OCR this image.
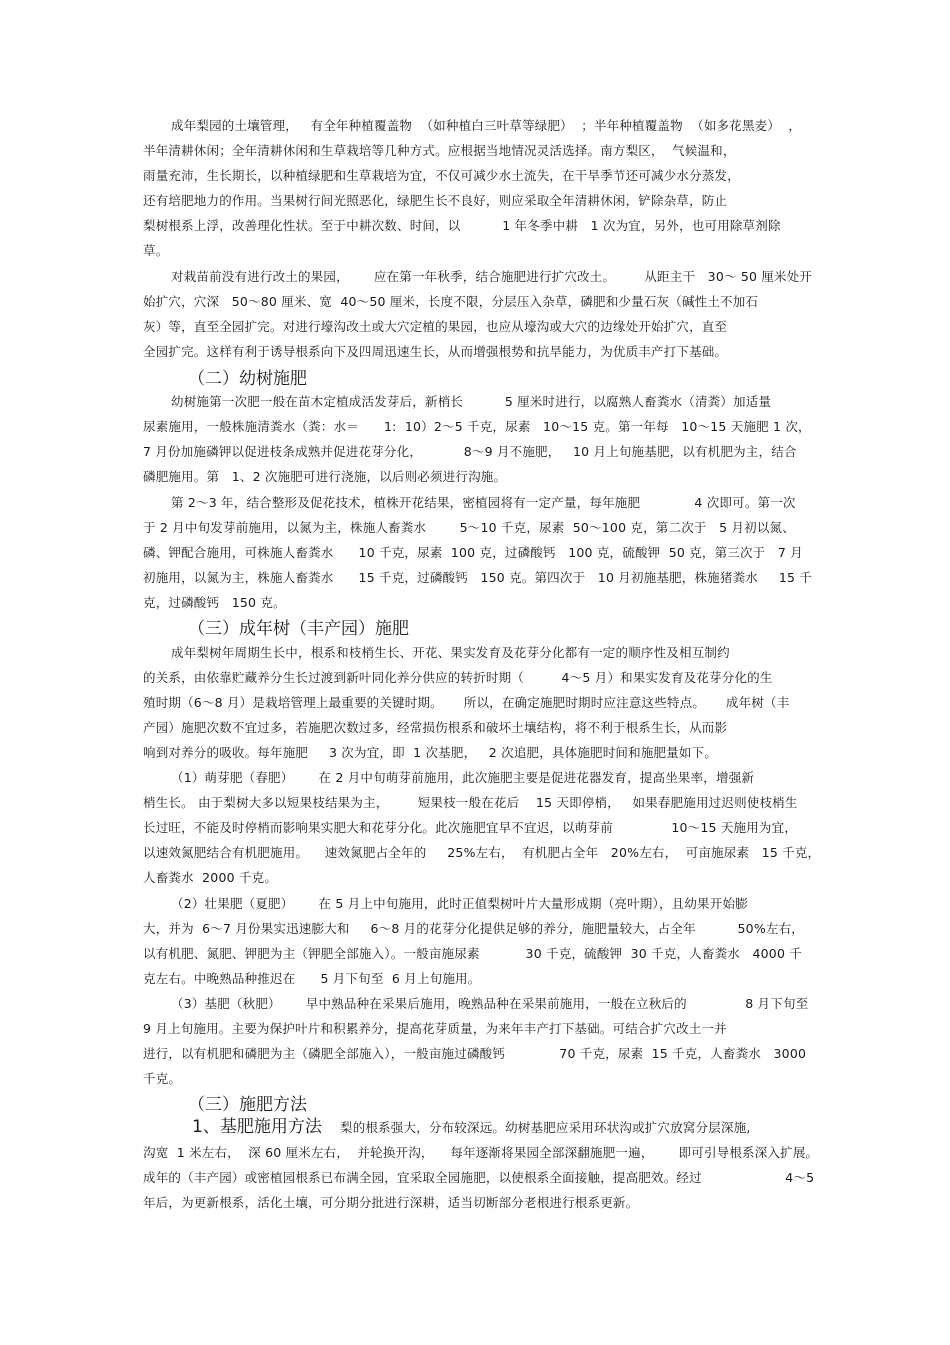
成年梨园的土壤管理，   有全年种植覆盖物  （如种植白三叶草等绿肥）  ；半年种植覆盖物  （如多花黑麦）  ，
半年清耕休闲；全年清耕休闲和生草栽培等几种方式。应根据当地情况灵活选择。南方梨区，  气候温和，
雨量充沛，生长期长，以种植绿肥和生草栽培为宜，不仅可减少水土流失，在干旱季节还可减少水分蒸发，
还有培肥地力的作用。当果树行间光照恶化，绿肥生长不良好，则应采取全年清耕休闲，铲除杂草，防止
梨树根系上浮，改善理化性状。至于中耕次数、时间，以          1 年冬季中耕   1 次为宜，另外，也可用除草剂除
草。
对栽苗前没有进行改土的果园，      应在第一年秋季，结合施肥进行扩穴改土。       从距主干   30～ 50 厘米处开
始扩穴，穴深   50～80 厘米、宽  40～50 厘米，长度不限，分层压入杂草，磷肥和少量石灰（碱性土不加石
灰）等，直至全园扩完。对进行壕沟改土或大穴定植的果园，也应从壕沟或大穴的边缘处开始扩穴，直至
全园扩完。这样有利于诱导根系向下及四周迅速生长，从而增强根势和抗旱能力，为优质丰产打下基础。
（二）幼树施肥
幼树施第一次肥一般在苗木定植成活发芽后，新梢长          5 厘米时进行，以腐熟人畜粪水（清粪）加适量
尿素施用，一般株施清粪水（粪：水＝      1:  10）2～5 千克，尿素   10～15 克。第一年每   10～15 天施肥 1 次，
7 月份加施磷钾以促进枝条成熟并促进花芽分化，          8～9 月不施肥，   10 月上旬施基肥，以有机肥为主，结合
磷肥施用。第   1、2 次施肥可进行浇施，以后则必须进行沟施。
第 2～3 年，结合整形及促花技术，植株开花结果，密植园将有一定产量，每年施肥             4 次即可。第一次
于 2 月中旬发芽前施用，以氮为主，株施人畜粪水        5～10 千克，尿素  50～100 克，第二次于   5 月初以氮、
磷、钾配合施用，可株施人畜粪水      10 千克，尿素  100 克，过磷酸钙   100 克，硫酸钾  50 克，第三次于   7 月
初施用，以氮为主，株施人畜粪水      15 千克，过磷酸钙   150 克。第四次于   10 月初施基肥，株施猪粪水     15 千
克，过磷酸钙   150 克。
（三）成年树（丰产园）施肥
成年梨树年周期生长中，根系和枝梢生长、开花、果实发育及花芽分化都有一定的顺序性及相互制约
的关系，由依靠贮藏养分生长过渡到新叶同化养分供应的转折时期（         4～5 月）和果实发育及花芽分化的生
殖时期（6～8 月）是栽培管理上最重要的关键时期。     所以，在确定施肥时期时应注意这些特点。     成年树（丰
产园）施肥次数不宜过多，若施肥次数过多，经常损伤根系和破坏土壤结构，将不利于根系生长，从而影
响到对养分的吸收。每年施肥     3 次为宜，即  1 次基肥，   2 次追肥，具体施肥时间和施肥量如下。
（1）萌芽肥（春肥）      在 2 月中旬萌芽前施用，此次施肥主要是促进花器发育，提高坐果率，增强新
梢生长。 由于梨树大多以短果枝结果为主，       短果枝一般在花后    15 天即停梢，   如果春肥施用过迟则使枝梢生
长过旺，不能及时停梢而影响果实肥大和花芽分化。此次施肥宜早不宜迟，以萌芽前              10～15 天施用为宜，
以速效氮肥结合有机肥施用。    速效氮肥占全年的     25%左右，  有机肥占全年   20%左右，  可亩施尿素   15 千克，
人畜粪水  2000 千克。
（2）壮果肥（夏肥）      在 5 月上中旬施用，此时正值梨树叶片大量形成期（亮叶期），且幼果开始膨
大，并为  6～7 月份果实迅速膨大和     6～8 月的花芽分化提供足够的养分，施肥量较大，占全年          50%左右，
以有机肥、氮肥、钾肥为主（钾肥全部施入）。一般亩施尿素           30 千克，硫酸钾  30 千克，人畜粪水   4000 千
克左右。中晚熟品种推迟在      5 月下旬至  6 月上旬施用。
（3）基肥（秋肥）      早中熟品种在采果后施用，晚熟品种在采果前施用，一般在立秋后的              8 月下旬至
9 月上旬施用。主要为保护叶片和积累养分，提高花芽质量，为来年丰产打下基础。可结合扩穴改土一并
进行，以有机肥和磷肥为主（磷肥全部施入），一般亩施过磷酸钙             70 千克，尿素  15 千克，人畜粪水   3000
千克。
（三）施肥方法
1、基肥施用方法	梨的根系强大，分布较深远。幼树基肥应采用环状沟或扩穴放窝分层深施,
沟宽  1 米左右，  深 60 厘米左右，  并轮换开沟，    每年逐渐将果园全部深翻施肥一遍，      即可引导根系深入扩展。
成年的（丰产园）或密植园根系已布满全园，宜采取全园施肥，以使根系全面接触，提高肥效。经过                    4～5
年后，为更新根系，活化土壤，可分期分批进行深耕，适当切断部分老根进行根系更新。
